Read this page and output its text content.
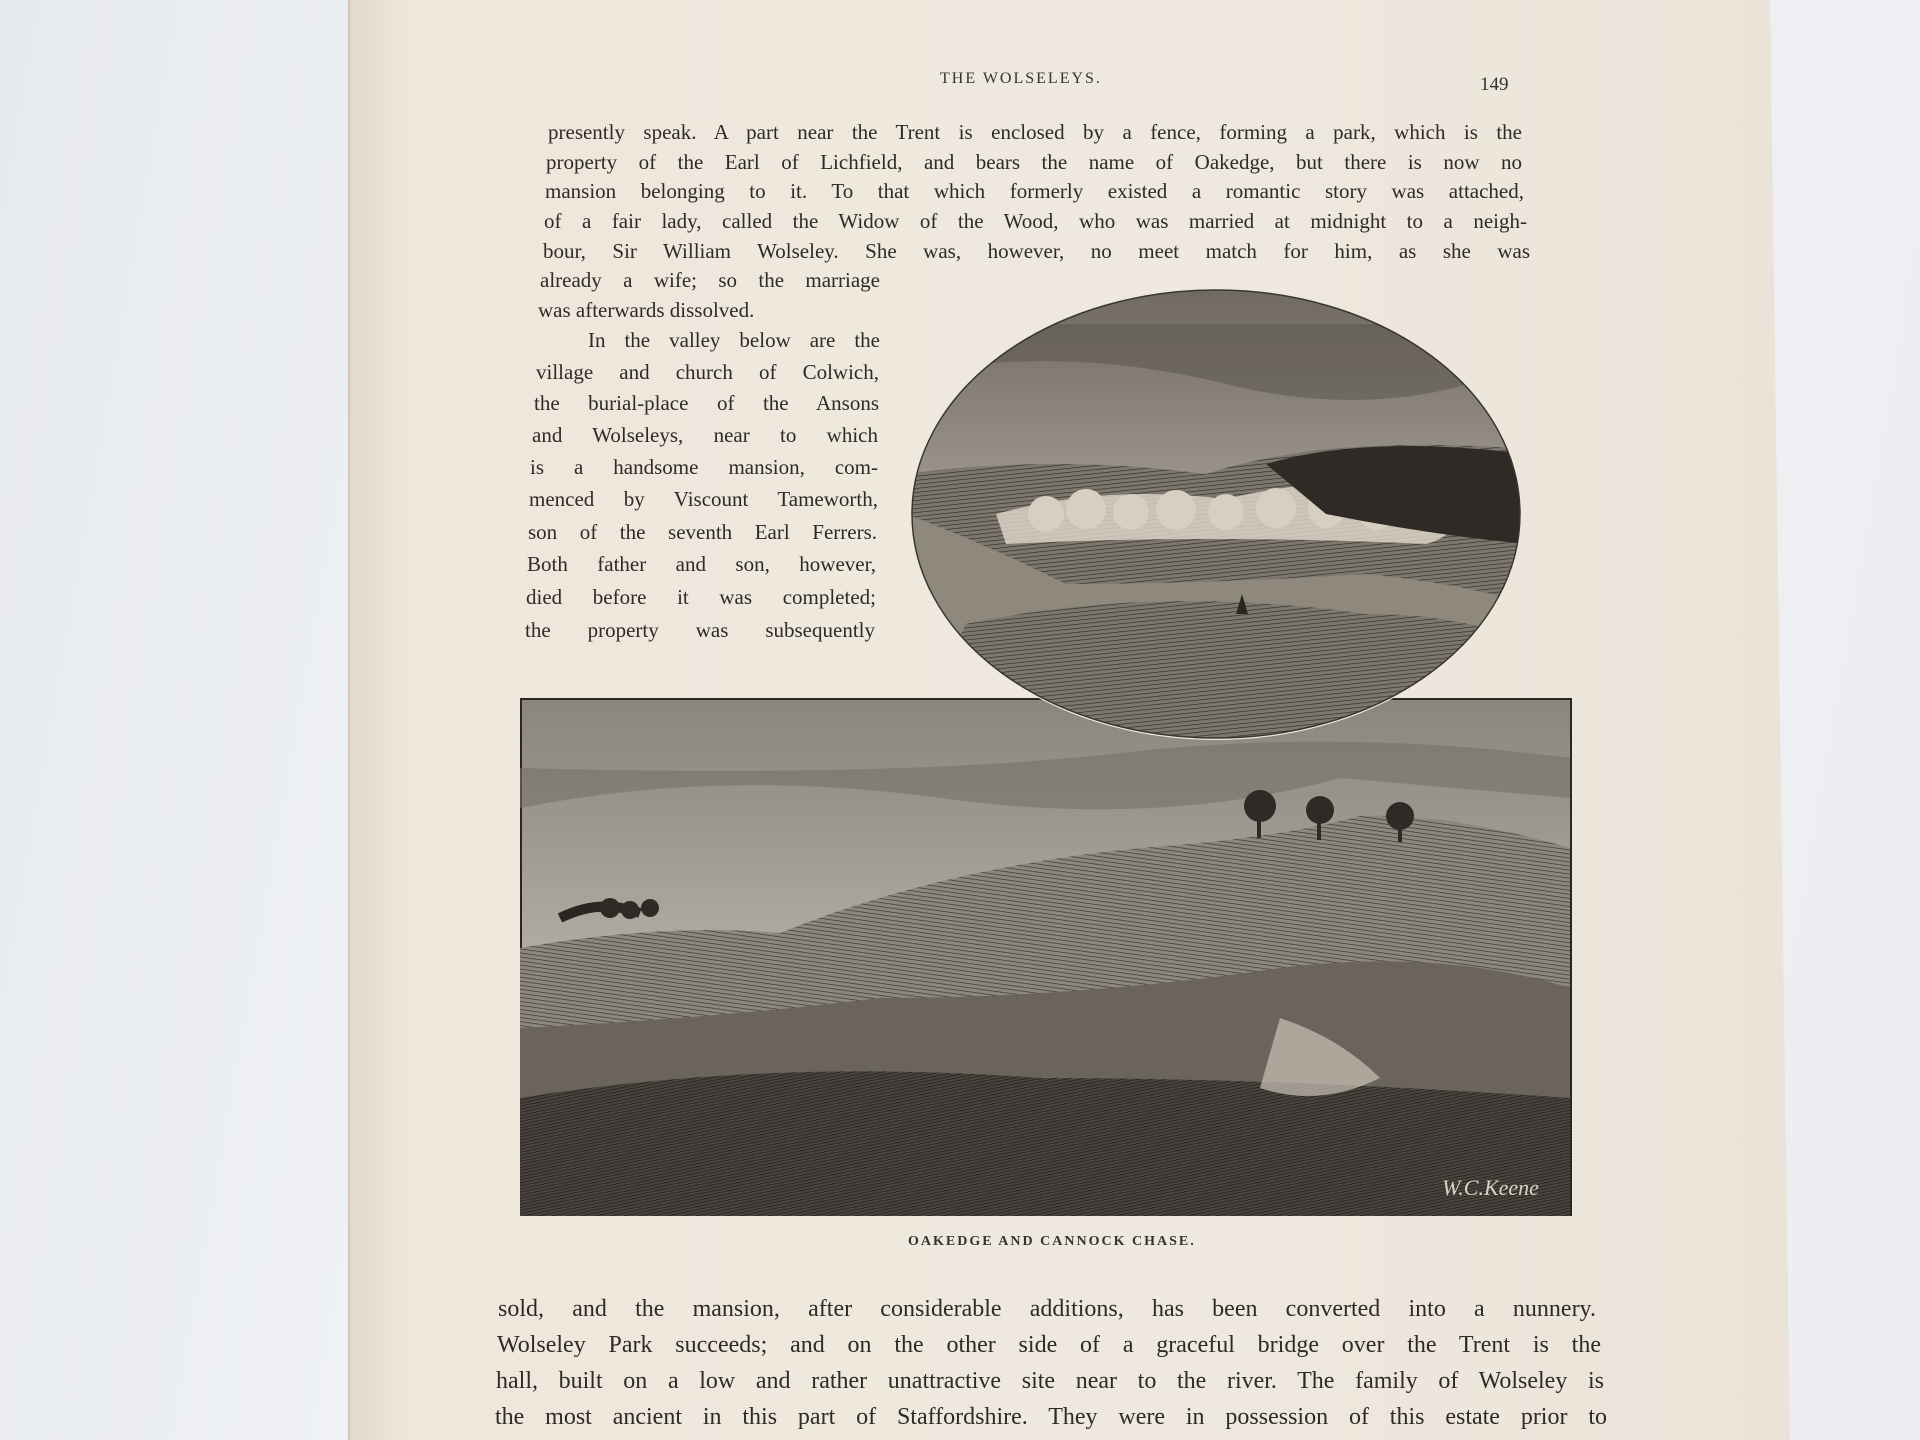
THE WOLSELEYS.	149
presently speak. A part near the Trent is enclosed by a fence, forming a park, which is the
property of the Earl of Lichfield, and bears the name of Oakedge, but there is now no
mansion belonging to it. To that which formerly existed a romantic story was attached,
of a fair lady, called the Widow of the Wood, who was married at midnight to a neigh-
bour, Sir William Wolseley. She was, however, no meet match for him, as she was
already a wife; so the marriage
was afterwards dissolved.
In the valley below are the
village and church of Colwich,
the burial-place of the Ansons
and Wolseleys, near to which
is a handsome mansion, com-
menced by Viscount Tameworth,
son of the seventh Earl Ferrers.
Both father and son, however,
died before it was completed;
the property was subsequently
W.C.Keene
OAKEDGE AND CANNOCK CHASE.
sold, and the mansion, after considerable additions, has been converted into a nunnery.
Wolseley Park succeeds; and on the other side of a graceful bridge over the Trent is the
hall, built on a low and rather unattractive site near to the river. The family of Wolseley is
the most ancient in this part of Staffordshire. They were in possession of this estate prior to
